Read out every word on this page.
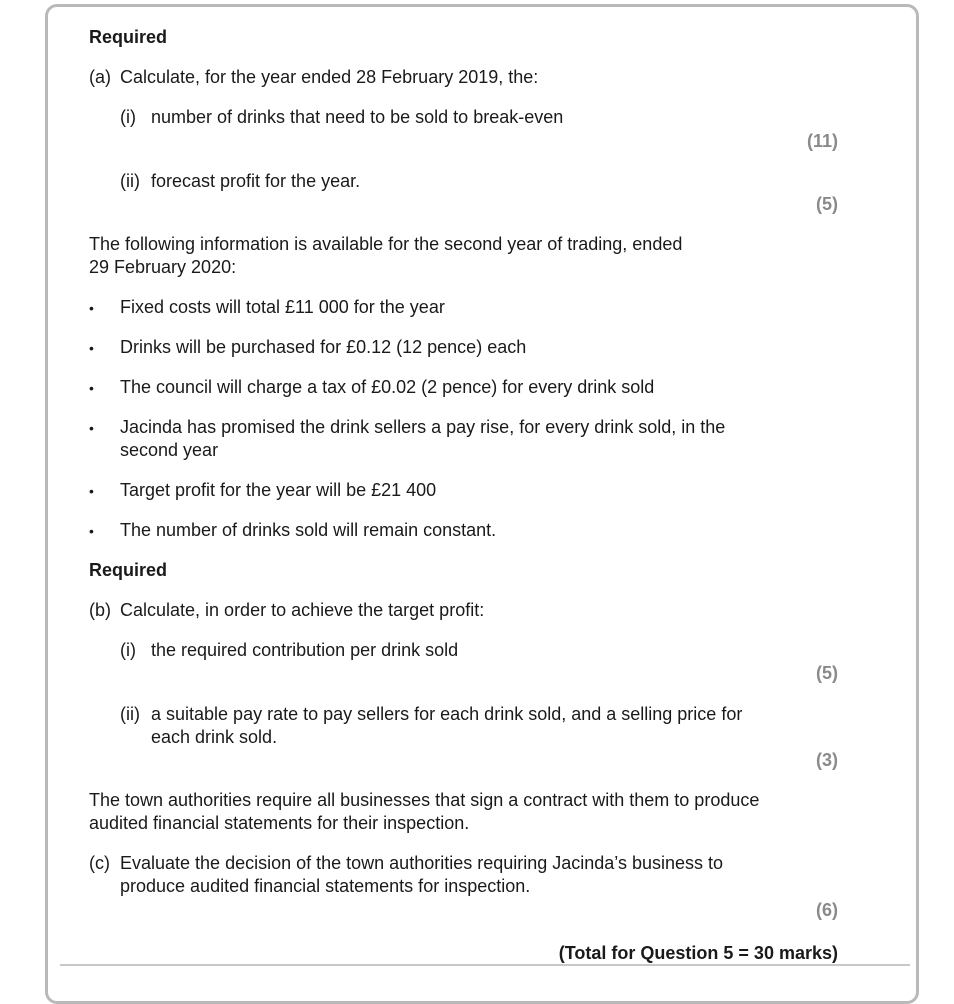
Required
(a) Calculate, for the year ended 28 February 2019, the:
(i) number of drinks that need to be sold to break-even
(11)
(ii) forecast profit for the year.
(5)
The following information is available for the second year of trading, ended
29 February 2020:
• Fixed costs will total £11 000 for the year
• Drinks will be purchased for £0.12 (12 pence) each
• The council will charge a tax of £0.02 (2 pence) for every drink sold
• Jacinda has promised the drink sellers a pay rise, for every drink sold, in the
second year
• Target profit for the year will be £21 400
• The number of drinks sold will remain constant.
Required
(b) Calculate, in order to achieve the target profit:
(i) the required contribution per drink sold
(5)
(ii) a suitable pay rate to pay sellers for each drink sold, and a selling price for
each drink sold.
(3)
The town authorities require all businesses that sign a contract with them to produce
audited financial statements for their inspection.
(c) Evaluate the decision of the town authorities requiring Jacinda’s business to
produce audited financial statements for inspection.
(6)
(Total for Question 5 = 30 marks)
